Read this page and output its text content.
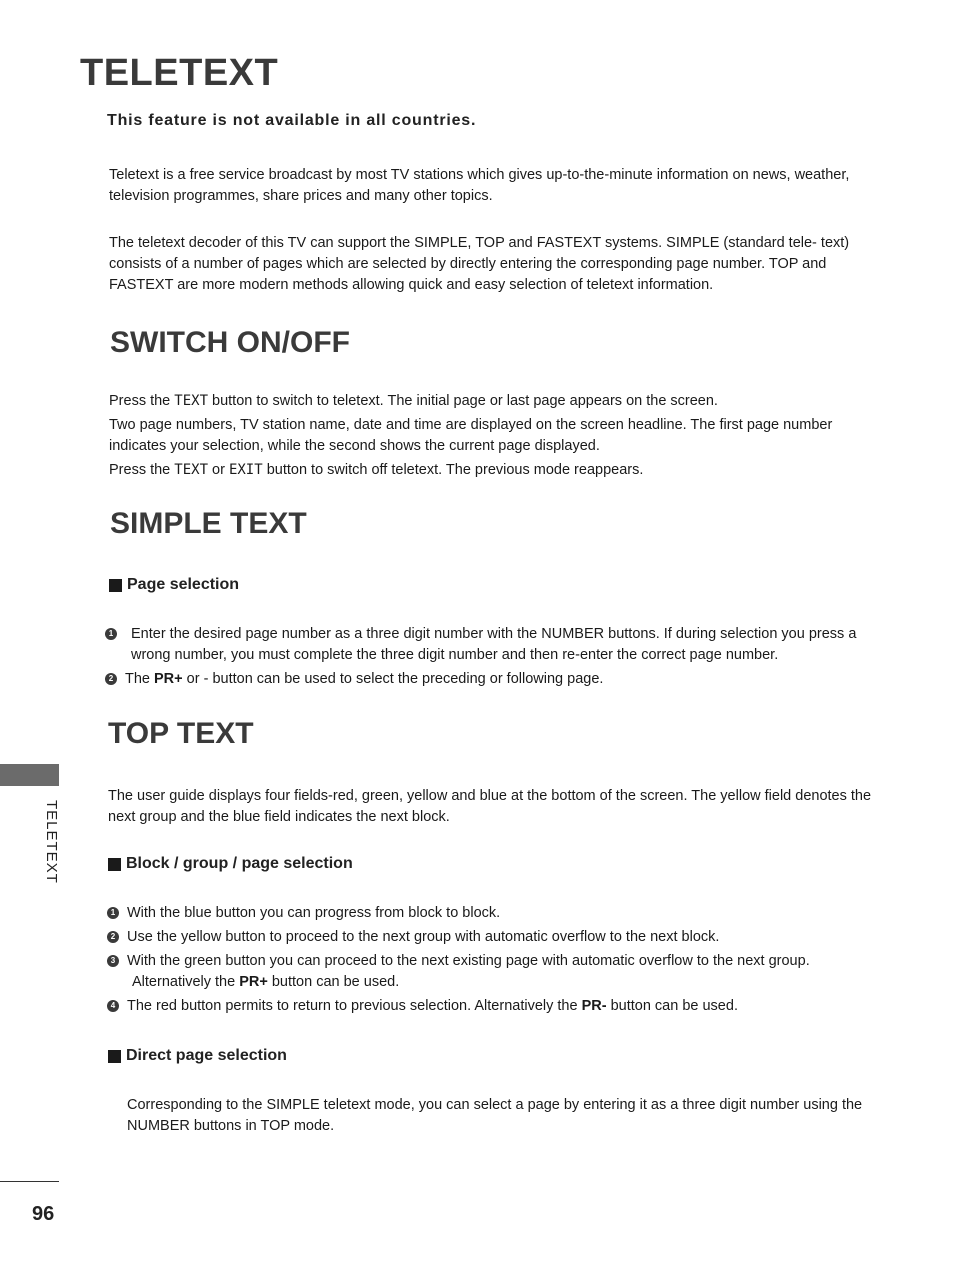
TELETEXT

This feature is not available in all countries.

Teletext is a free service broadcast by most TV stations which gives up-to-the-minute information on news, weather, television programmes, share prices and many other topics.

The teletext decoder of this TV can support the SIMPLE, TOP and FASTEXT systems. SIMPLE (standard tele- text) consists of a number of pages which are selected by directly entering the corresponding page number. TOP and FASTEXT are more modern methods allowing quick and easy selection of teletext information.

SWITCH ON/OFF

Press the TEXT button to switch to teletext. The initial page or last page appears on the screen.

Two page numbers, TV station name, date and time are displayed on the screen headline. The first page number indicates your selection, while the second shows the current page displayed.

Press the TEXT or EXIT button to switch off teletext. The previous mode reappears.

SIMPLE TEXT

Page selection

1	Enter the desired page number as a three digit number with the NUMBER buttons. If during selection you press a wrong number, you must complete the three digit number and then re-enter the correct page number.
2 The PR+ or - button can be used to select the preceding or following page.
TOP TEXT

The user guide displays four fields-red, green, yellow and blue at the bottom of the screen. The yellow field denotes the next group and the blue field indicates the next block.

Block / group / page selection

1 With the blue button you can progress from block to block.
2 Use the yellow button to proceed to the next group with automatic overflow to the next block.
3 With the green button you can proceed to the next existing page with automatic overflow to the next group.
Alternatively the PR+ button can be used.
4 The red button permits to return to previous selection. Alternatively the PR- button can be used.

Direct page selection

Corresponding to the SIMPLE teletext mode, you can select a page by entering it as a three digit number using the NUMBER buttons in TOP mode.

TELETEXT
96
